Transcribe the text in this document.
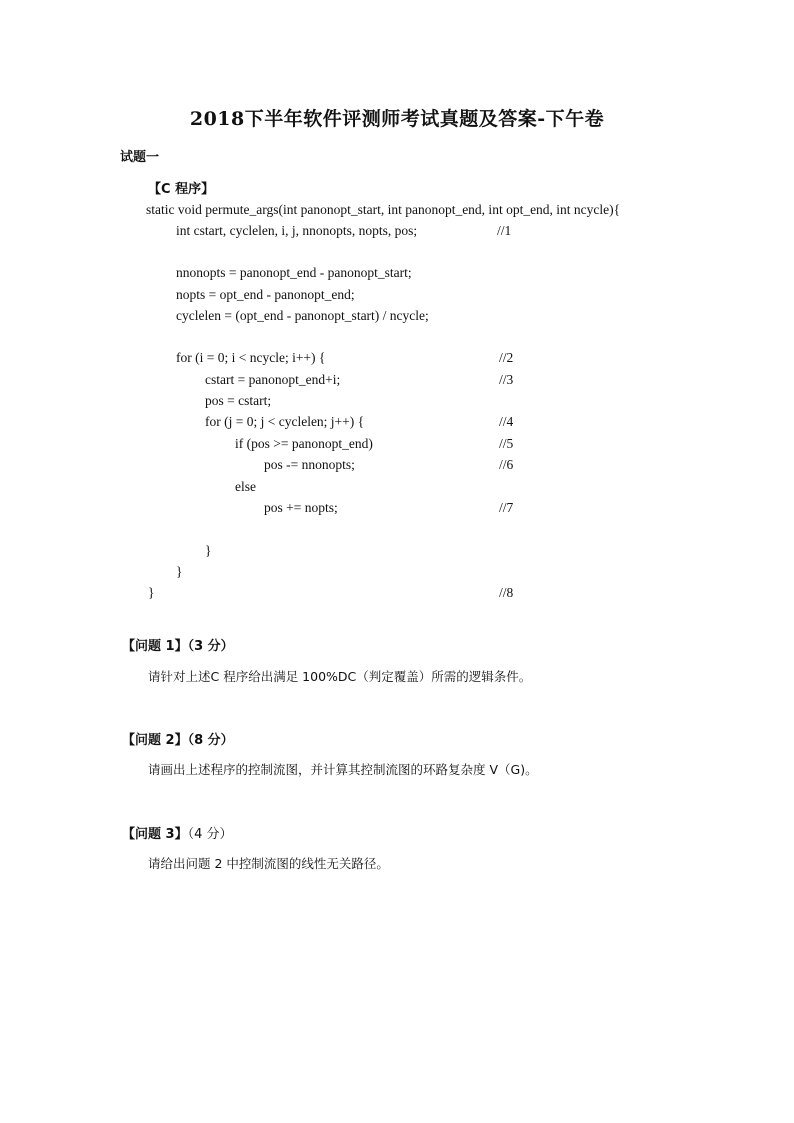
2018下半年软件评测师考试真题及答案-下午卷
试题一
【C 程序】
static void permute_args(int panonopt_start, int panonopt_end, int opt_end, int ncycle){
int cstart, cyclelen, i, j, nnonopts, nopts, pos;
nnonopts = panonopt_end - panonopt_start;
nopts = opt_end - panonopt_end;
cyclelen = (opt_end - panonopt_start) / ncycle;
for (i = 0; i < ncycle; i++) {
cstart = panonopt_end+i;
pos = cstart;
for (j = 0; j < cyclelen; j++) {
if (pos >= panonopt_end)
pos -= nnonopts;
else
pos += nopts;
}
}
}
//1
//2
//3
//4
//5
//6
//7
//8
【问题 1】（3 分）
请针对上述C 程序给出满足 100%DC（判定覆盖）所需的逻辑条件。
【问题 2】（8 分）
请画出上述程序的控制流图，并计算其控制流图的环路复杂度 V（G)。
【问题 3】（4 分）
请给出问题 2 中控制流图的线性无关路径。
